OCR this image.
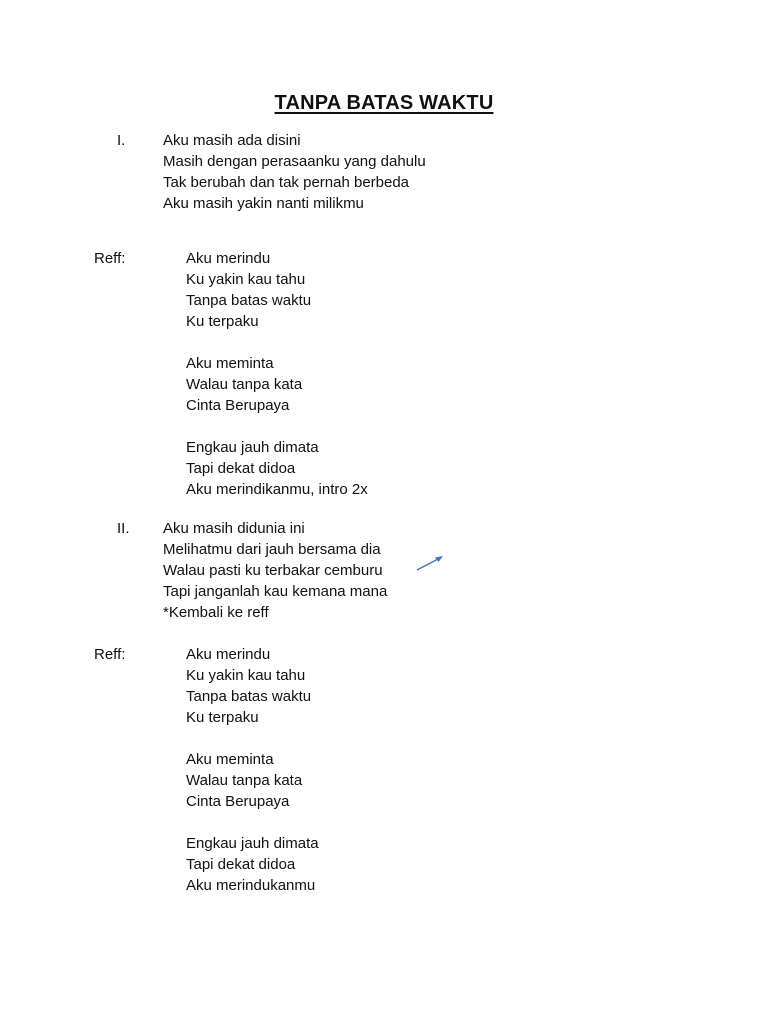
TANPA BATAS WAKTU
I.	Aku masih ada disini
Masih dengan perasaanku yang dahulu
Tak berubah dan tak pernah berbeda
Aku masih yakin nanti milikmu
Reff:	Aku merindu
Ku yakin kau tahu
Tanpa batas waktu
Ku terpaku
Aku meminta
Walau tanpa kata
Cinta Berupaya
Engkau jauh dimata
Tapi dekat didoa
Aku merindikanmu, intro 2x
II. Aku masih didunia ini
Melihatmu dari jauh bersama dia
Walau pasti ku terbakar cemburu
Tapi janganlah kau kemana mana
*Kembali ke reff
Reff:	Aku merindu
Ku yakin kau tahu
Tanpa batas waktu
Ku terpaku
Aku meminta
Walau tanpa kata
Cinta Berupaya
Engkau jauh dimata
Tapi dekat didoa
Aku merindukanmu
